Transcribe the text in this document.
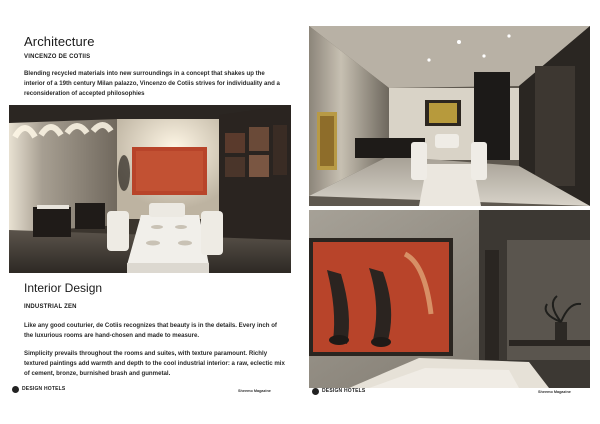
Architecture
VINCENZO DE COTIIS
Blending recycled materials into new surroundings in a concept that shakes up the interior of a 19th century Milan palazzo, Vincenzo de Cotiis strives for individuality and a reconsideration of accepted philosophies
Interior Design
INDUSTRIAL ZEN
Like any good couturier, de Cotiis recognizes that beauty is in the details. Every inch of the luxurious rooms are hand-chosen and made to measure.
Simplicity prevails throughout the rooms and suites, with texture paramount. Richly textured paintings add warmth and depth to the cool industrial interior: a raw, eclectic mix of cement, bronze, burnished brash and gunmetal.
DESIGN HOTELS	Sheemo Magazine	DESIGN HOTELS	Sheemo Magazine
